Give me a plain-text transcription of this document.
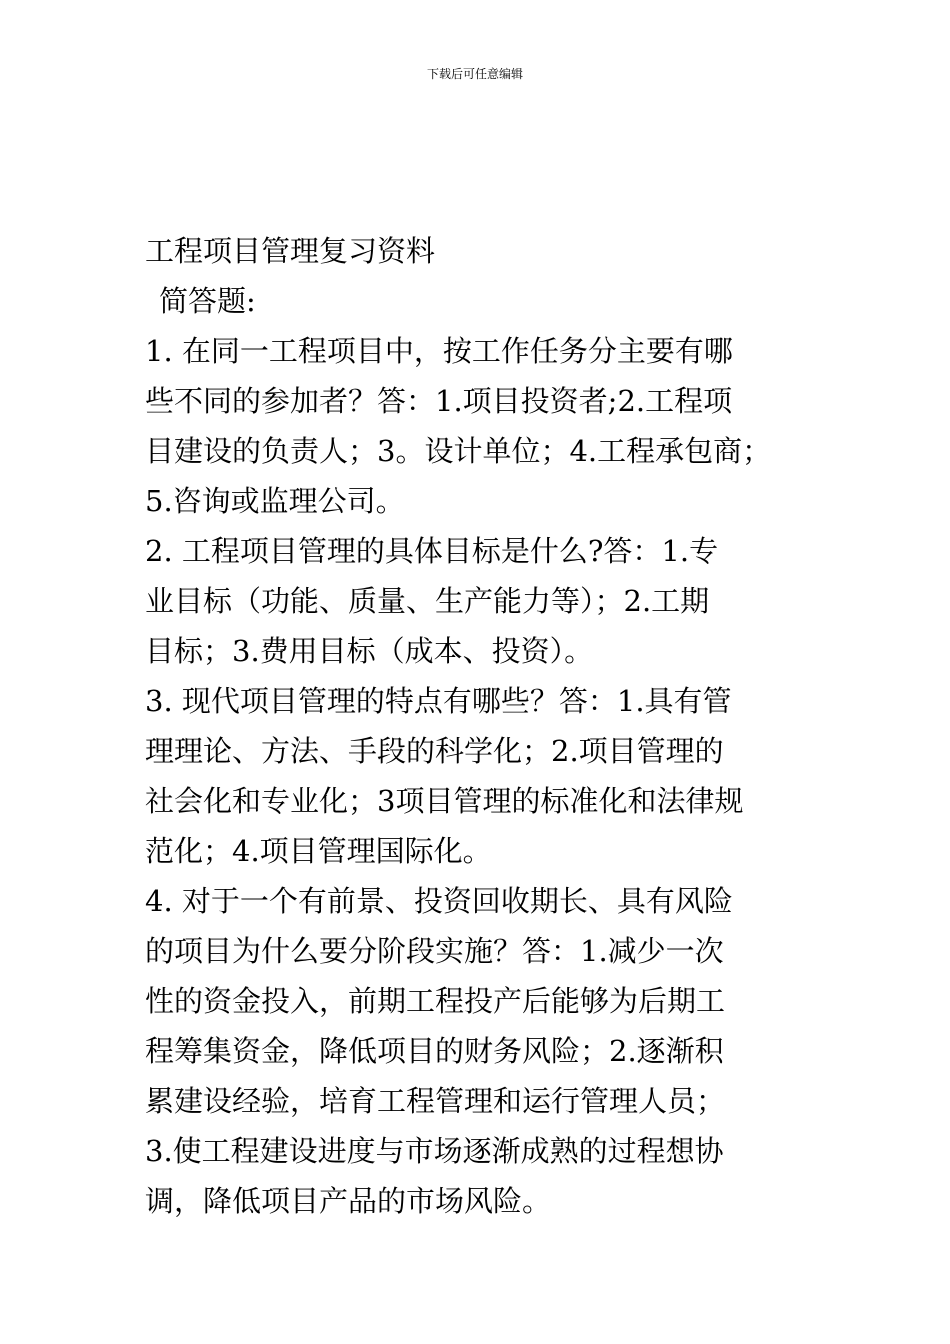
下载后可任意编辑
工程项目管理复习资料
简答题:

1. 在同一工程项目中，按工作任务分主要有哪

些不同的参加者？答：1.项目投资者;2.工程项

目建设的负责人；3。设计单位；4.工程承包商；

5.咨询或监理公司。

2. 工程项目管理的具体目标是什么?答：1.专

业目标（功能、质量、生产能力等）；2.工期

目标；3.费用目标（成本、投资）。

3. 现代项目管理的特点有哪些？答：1.具有管

理理论、方法、手段的科学化；2.项目管理的

社会化和专业化；3项目管理的标准化和法律规

范化；4.项目管理国际化。

4. 对于一个有前景、投资回收期长、具有风险

的项目为什么要分阶段实施？答：1.减少一次

性的资金投入，前期工程投产后能够为后期工

程筹集资金，降低项目的财务风险；2.逐渐积

累建设经验，培育工程管理和运行管理人员；

3.使工程建设进度与市场逐渐成熟的过程想协

调，降低项目产品的市场风险。
